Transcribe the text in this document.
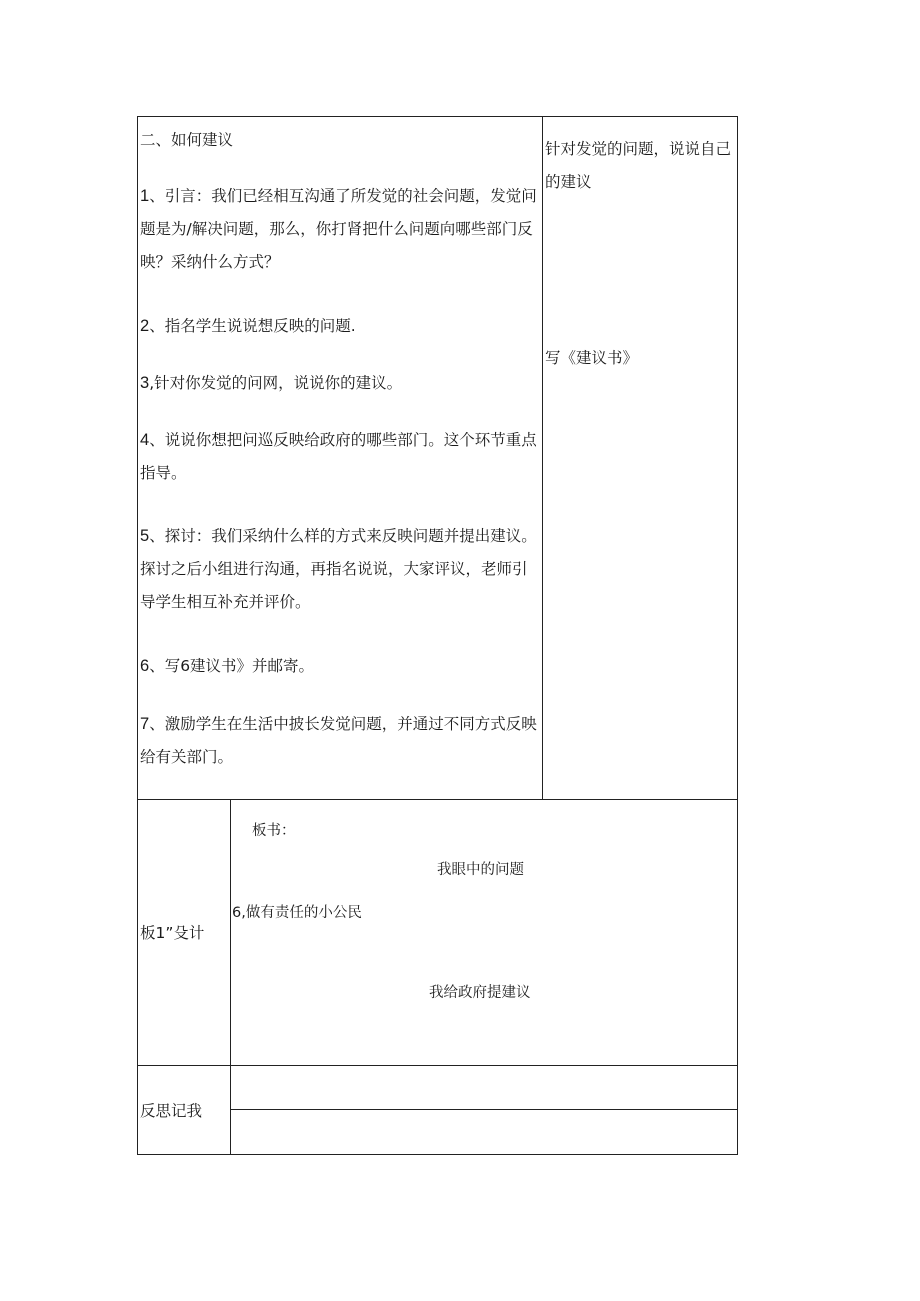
二、如何建议
1、引言：我们已经相互沟通了所发觉的社会问题，发觉问题是为/解决问题，那么，你打肾把什么问题向哪些部门反映？采纳什么方式？
2、指名学生说说想反映的问题.
3,针对你发觉的问网，说说你的建议。
4、说说你想把问巡反映给政府的哪些部门。这个环节重点指导。
5、探讨：我们采纳什么样的方式来反映问题并提出建议。探讨之后小组进行沟通，再指名说说，大家评议，老师引导学生相互补充并评价。
6、写6建议书》并邮寄。
7、激励学生在生活中披长发觉问题，并通过不同方式反映给有关部门。
针对发觉的问题，说说自己的建议
写《建议书》
板1”殳计
板书：
我眼中的问题
6,做有责任的小公民
我给政府提建议
反思记我
